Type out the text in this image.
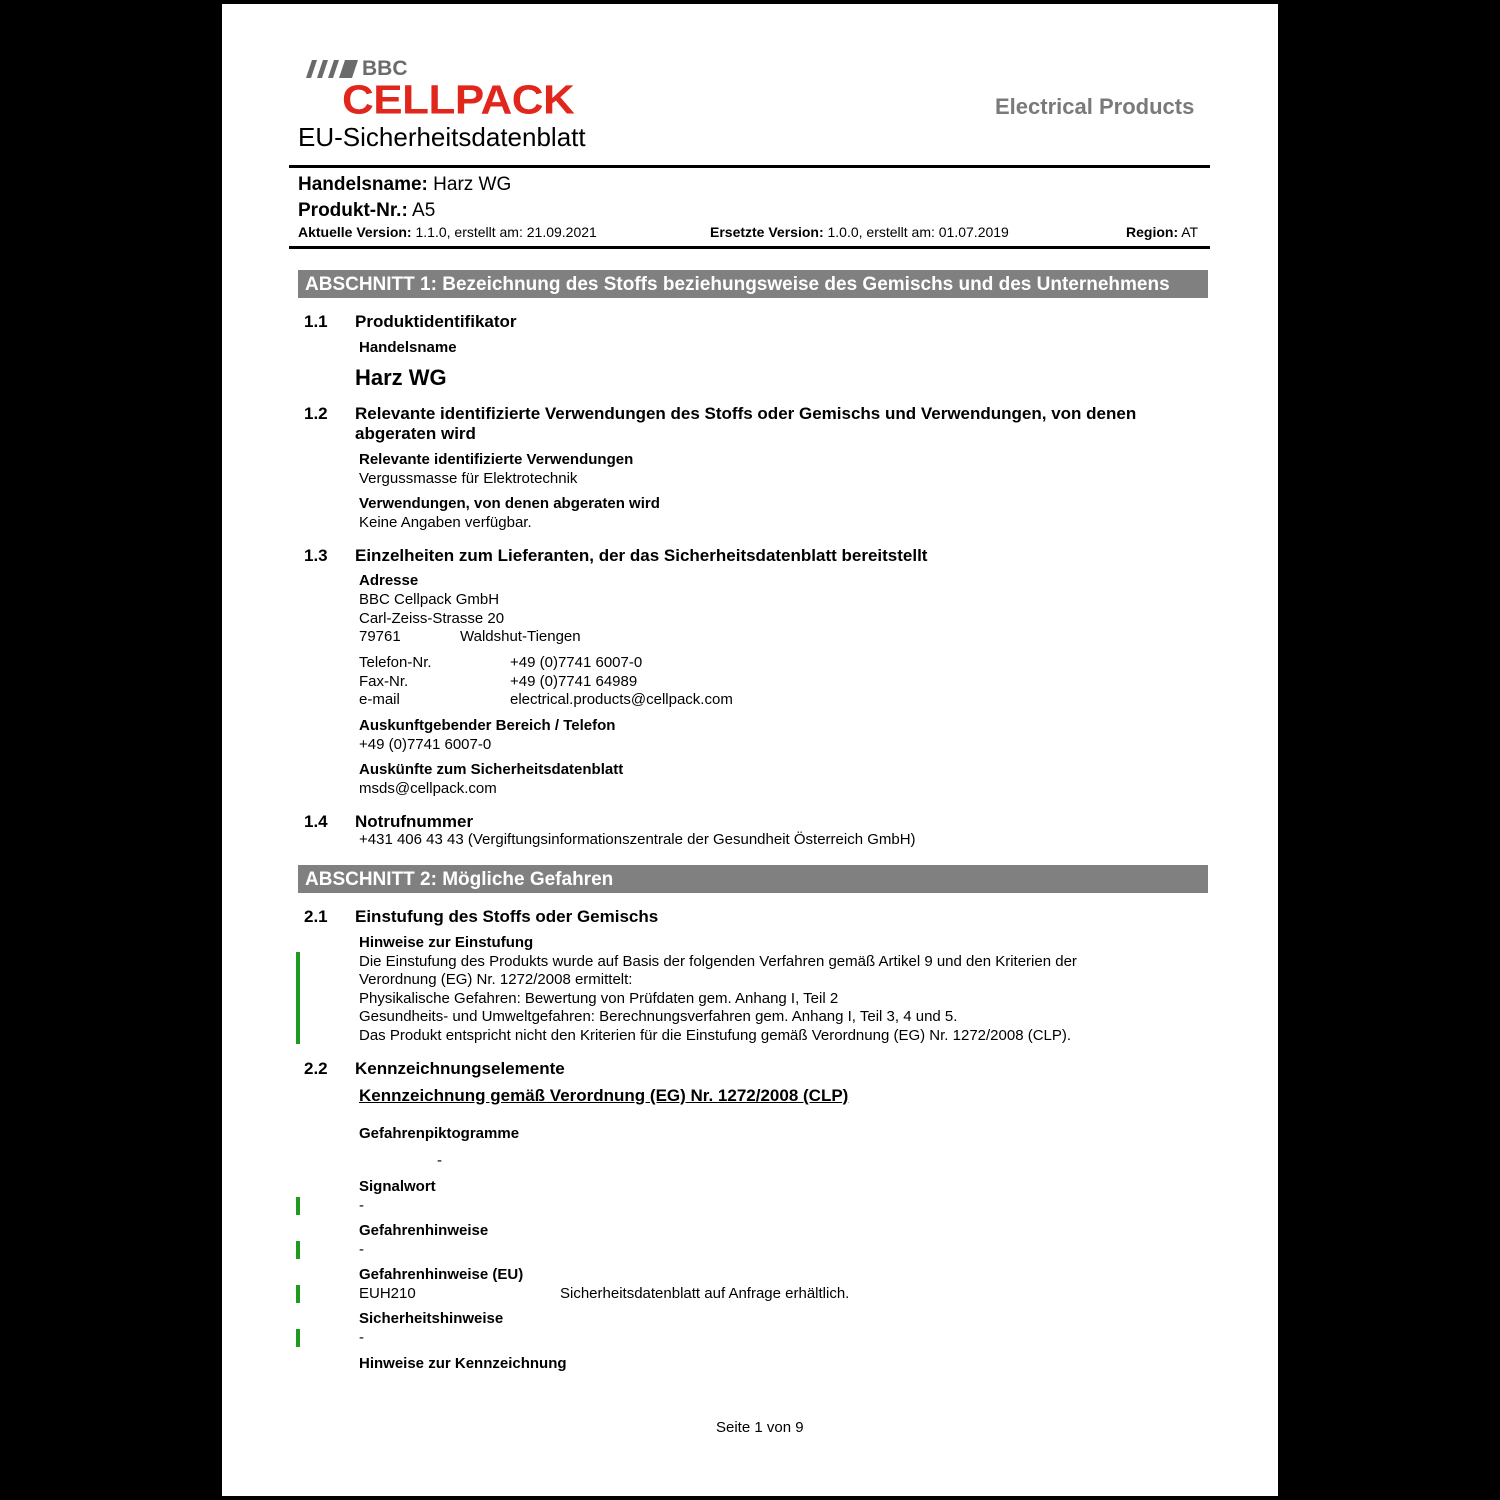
BBC
CELLPACK
EU-Sicherheitsdatenblatt
Electrical Products
Handelsname: Harz WG
Produkt-Nr.: A5
Aktuelle Version: 1.1.0, erstellt am: 21.09.2021	Ersetzte Version: 1.0.0, erstellt am: 01.07.2019	Region: AT
ABSCHNITT 1: Bezeichnung des Stoffs beziehungsweise des Gemischs und des Unternehmens
1.1 Produktidentifikator
Handelsname
Harz WG
1.2 Relevante identifizierte Verwendungen des Stoffs oder Gemischs und Verwendungen, von denen
abgeraten wird
Relevante identifizierte Verwendungen
Vergussmasse für Elektrotechnik
Verwendungen, von denen abgeraten wird
Keine Angaben verfügbar.
1.3 Einzelheiten zum Lieferanten, der das Sicherheitsdatenblatt bereitstellt
Adresse
BBC Cellpack GmbH
Carl-Zeiss-Strasse 20
79761	Waldshut-Tiengen
Telefon-Nr.	+49 (0)7741 6007-0
Fax-Nr.	+49 (0)7741 64989
e-mail	electrical.products@cellpack.com
Auskunftgebender Bereich / Telefon
+49 (0)7741 6007-0
Auskünfte zum Sicherheitsdatenblatt
msds@cellpack.com
1.4 Notrufnummer
+431 406 43 43 (Vergiftungsinformationszentrale der Gesundheit Österreich GmbH)
ABSCHNITT 2: Mögliche Gefahren
2.1 Einstufung des Stoffs oder Gemischs
Hinweise zur Einstufung
Die Einstufung des Produkts wurde auf Basis der folgenden Verfahren gemäß Artikel 9 und den Kriterien der
Verordnung (EG) Nr. 1272/2008 ermittelt:
Physikalische Gefahren: Bewertung von Prüfdaten gem. Anhang I, Teil 2
Gesundheits- und Umweltgefahren: Berechnungsverfahren gem. Anhang I, Teil 3, 4 und 5.
Das Produkt entspricht nicht den Kriterien für die Einstufung gemäß Verordnung (EG) Nr. 1272/2008 (CLP).
2.2 Kennzeichnungselemente
Kennzeichnung gemäß Verordnung (EG) Nr. 1272/2008 (CLP)
Gefahrenpiktogramme
-
Signalwort
-
Gefahrenhinweise
-
Gefahrenhinweise (EU)
EUH210	Sicherheitsdatenblatt auf Anfrage erhältlich.
Sicherheitshinweise
-
Hinweise zur Kennzeichnung
Seite 1 von 9
